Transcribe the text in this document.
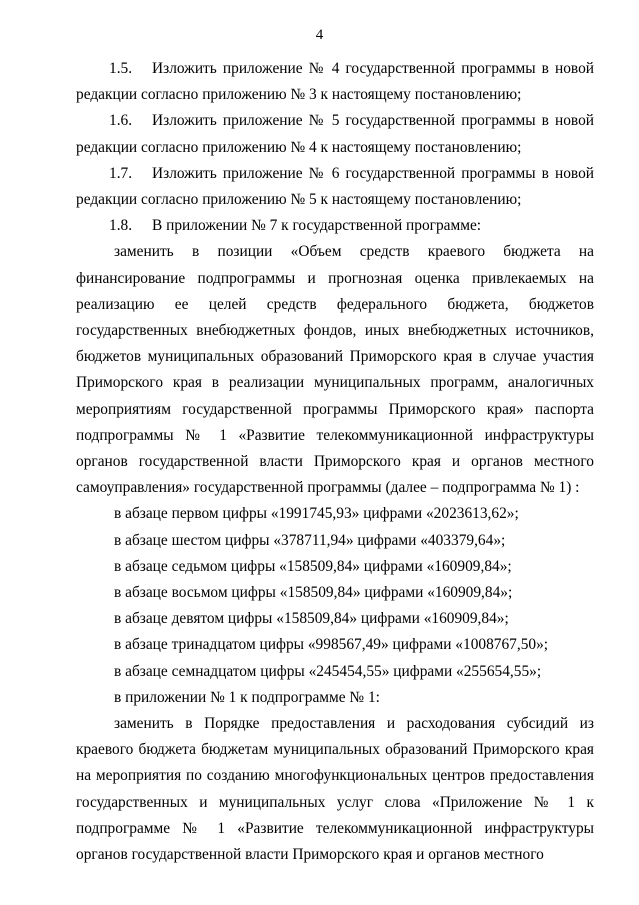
4

1.5. Изложить приложение № 4 государственной программы в новой редакции согласно приложению № 3 к настоящему постановлению;

1.6. Изложить приложение № 5 государственной программы в новой редакции согласно приложению № 4 к настоящему постановлению;

1.7. Изложить приложение № 6 государственной программы в новой редакции согласно приложению № 5 к настоящему постановлению;

1.8. В приложении № 7 к государственной программе:

заменить в позиции «Объем средств краевого бюджета на финансирование подпрограммы и прогнозная оценка привлекаемых на реализацию ее целей средств федерального бюджета, бюджетов государственных внебюджетных фондов, иных внебюджетных источников, бюджетов муниципальных образований Приморского края в случае участия Приморского края в реализации муниципальных программ, аналогичных мероприятиям государственной программы Приморского края» паспорта подпрограммы № 1 «Развитие телекоммуникационной инфраструктуры органов государственной власти Приморского края и органов местного самоуправления» государственной программы (далее – подпрограмма № 1) :

в абзаце первом цифры «1991745,93» цифрами «2023613,62»;

в абзаце шестом цифры «378711,94» цифрами «403379,64»;

в абзаце седьмом цифры «158509,84» цифрами «160909,84»;

в абзаце восьмом цифры «158509,84» цифрами «160909,84»;

в абзаце девятом цифры «158509,84» цифрами «160909,84»;

в абзаце тринадцатом цифры «998567,49» цифрами «1008767,50»;

в абзаце семнадцатом цифры «245454,55» цифрами «255654,55»;

в приложении № 1 к подпрограмме № 1:

заменить в Порядке предоставления и расходования субсидий из краевого бюджета бюджетам муниципальных образований Приморского края на мероприятия по созданию многофункциональных центров предоставления государственных и муниципальных услуг слова «Приложение № 1 к подпрограмме № 1 «Развитие телекоммуникационной инфраструктуры органов государственной власти Приморского края и органов местного
